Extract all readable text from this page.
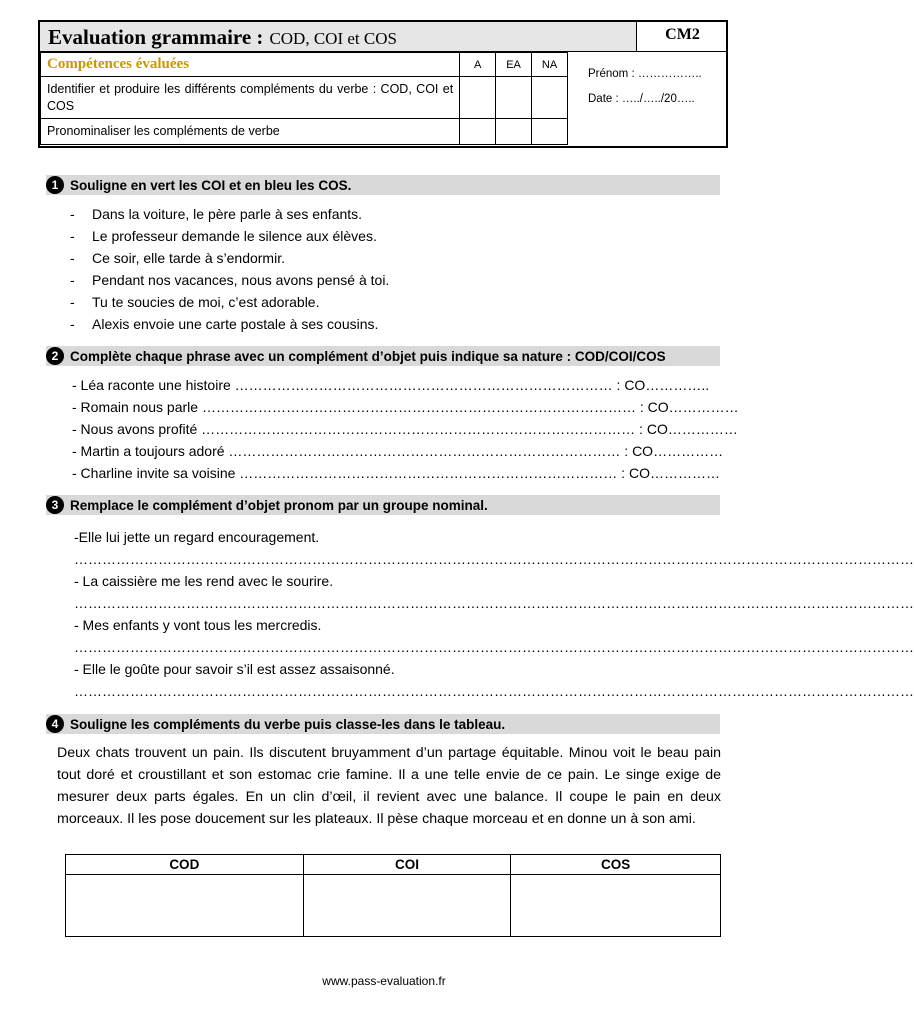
Evaluation grammaire : COD, COI et COS	CM2
Compétences évaluées	A	EA	NA
Identifier et produire les différents compléments du verbe : COD, COI et COS			
Pronominaliser les compléments de verbe			
Prénom : ……………..
Date : …../…../20…..
1 Souligne en vert les COI et en bleu les COS.
- Dans la voiture, le père parle à ses enfants.
- Le professeur demande le silence aux élèves.
- Ce soir, elle tarde à s’endormir.
- Pendant nos vacances, nous avons pensé à toi.
- Tu te soucies de moi, c’est adorable.
- Alexis envoie une carte postale à ses cousins.
2 Complète chaque phrase avec un complément d’objet puis indique sa nature : COD/COI/COS
- Léa raconte une histoire ……………………………………………………………………… : CO…………..
- Romain nous parle ………………………………………………………………………………… : CO……………
- Nous avons profité ………………………………………………………………………………… : CO……………
- Martin a toujours adoré ………………………………………………………………………… : CO……………
- Charline invite sa voisine ……………………………………………………………………… : CO……………
3 Remplace le complément d’objet pronom par un groupe nominal.
-Elle lui jette un regard encouragement.
………………………………………………………………………………………………………………………………………………………………
- La caissière me les rend avec le sourire.
………………………………………………………………………………………………………………………………………………………………
- Mes enfants y vont tous les mercredis.
………………………………………………………………………………………………………………………………………………………………
- Elle le goûte pour savoir s’il est assez assaisonné.
………………………………………………………………………………………………………………………………………………………………
4 Souligne les compléments du verbe puis classe-les dans le tableau.

Deux chats trouvent un pain. Ils discutent bruyamment d’un partage équitable. Minou voit le beau pain tout doré et croustillant et son estomac crie famine. Il a une telle envie de ce pain. Le singe exige de mesurer deux parts égales. En un clin d’œil, il revient avec une balance. Il coupe le pain en deux morceaux. Il les pose doucement sur les plateaux. Il pèse chaque morceau et en donne un à son ami.

COD	COI	COS

www.pass-evaluation.fr
